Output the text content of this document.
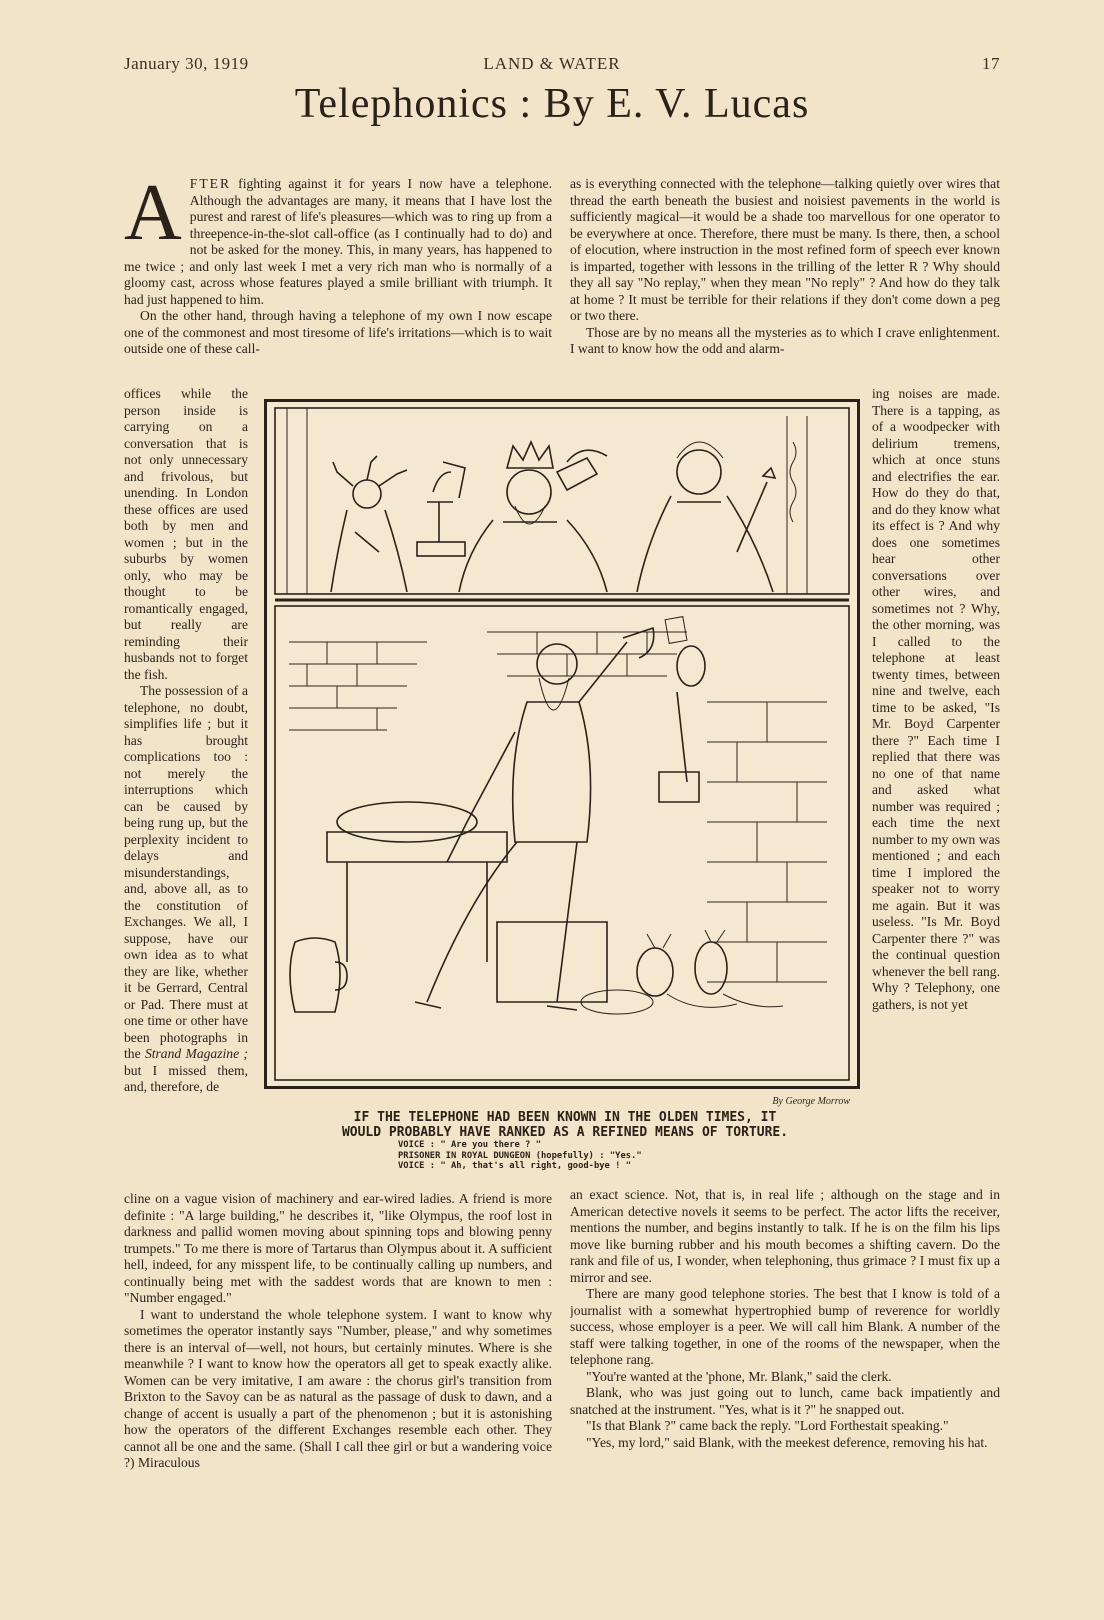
January 30, 1919	LAND & WATER	17
Telephonics : By E. V. Lucas

AFTER fighting against it for years I now have a telephone. Although the advantages are many, it means that I have lost the purest and rarest of life's pleasures—which was to ring up from a threepence-in-the-slot call-office (as I continually had to do) and not be asked for the money. This, in many years, has happened to me twice ; and only last week I met a very rich man who is normally of a gloomy cast, across whose features played a smile brilliant with triumph. It had just happened to him.

On the other hand, through having a telephone of my own I now escape one of the commonest and most tiresome of life's irritations—which is to wait outside one of these call-

offices while the person inside is carrying on a conversation that is not only unnecessary and frivolous, but unending. In London these offices are used both by men and women ; but in the suburbs by women only, who may be thought to be romantically engaged, but really are reminding their husbands not to forget the fish.

The possession of a telephone, no doubt, simplifies life ; but it has brought complications too : not merely the interruptions which can be caused by being rung up, but the perplexity incident to delays and misunderstandings, and, above all, as to the constitution of Exchanges. We all, I suppose, have our own idea as to what they are like, whether it be Gerrard, Central or Pad. There must at one time or other have been photographs in the Strand Magazine ; but I missed them, and, therefore, de

cline on a vague vision of machinery and ear-wired ladies. A friend is more definite : "A large building," he describes it, "like Olympus, the roof lost in darkness and pallid women moving about spinning tops and blowing penny trumpets." To me there is more of Tartarus than Olympus about it. A sufficient hell, indeed, for any misspent life, to be continually calling up numbers, and continually being met with the saddest words that are known to men : "Number engaged."

I want to understand the whole telephone system. I want to know why sometimes the operator instantly says "Number, please," and why sometimes there is an interval of—well, not hours, but certainly minutes. Where is she meanwhile ? I want to know how the operators all get to speak exactly alike. Women can be very imitative, I am aware : the chorus girl's transition from Brixton to the Savoy can be as natural as the passage of dusk to dawn, and a change of accent is usually a part of the phenomenon ; but it is astonishing how the operators of the different Exchanges resemble each other. They cannot all be one and the same. (Shall I call thee girl or but a wandering voice ?) Miraculous

as is everything connected with the telephone—talking quietly over wires that thread the earth beneath the busiest and noisiest pavements in the world is sufficiently magical—it would be a shade too marvellous for one operator to be everywhere at once. Therefore, there must be many. Is there, then, a school of elocution, where instruction in the most refined form of speech ever known is imparted, together with lessons in the trilling of the letter R ? Why should they all say "No replay," when they mean "No reply" ? And how do they talk at home ? It must be terrible for their relations if they don't come down a peg or two there.

Those are by no means all the mysteries as to which I crave enlightenment. I want to know how the odd and alarm-

ing noises are made. There is a tapping, as of a woodpecker with delirium tremens, which at once stuns and electrifies the ear. How do they do that, and do they know what its effect is ? And why does one sometimes hear other conversations over other wires, and sometimes not ? Why, the other morning, was I called to the telephone at least twenty times, between nine and twelve, each time to be asked, "Is Mr. Boyd Carpenter there ?" Each time I replied that there was no one of that name and asked what number was required ; each time the next number to my own was mentioned ; and each time I implored the speaker not to worry me again. But it was useless. "Is Mr. Boyd Carpenter there ?" was the continual question whenever the bell rang. Why ? Telephony, one gathers, is not yet

an exact science. Not, that is, in real life ; although on the stage and in American detective novels it seems to be perfect. The actor lifts the receiver, mentions the number, and begins instantly to talk. If he is on the film his lips move like burning rubber and his mouth becomes a shifting cavern. Do the rank and file of us, I wonder, when telephoning, thus grimace ? I must fix up a mirror and see.

There are many good telephone stories. The best that I know is told of a journalist with a somewhat hypertrophied bump of reverence for worldly success, whose employer is a peer. We will call him Blank. A number of the staff were talking together, in one of the rooms of the newspaper, when the telephone rang.

"You're wanted at the 'phone, Mr. Blank," said the clerk.

Blank, who was just going out to lunch, came back impatiently and snatched at the instrument. "Yes, what is it ?" he snapped out.

"Is that Blank ?" came back the reply. "Lord Forthestait speaking."

"Yes, my lord," said Blank, with the meekest deference, removing his hat.

By George Morrow
IF THE TELEPHONE HAD BEEN KNOWN IN THE OLDEN TIMES, IT
WOULD PROBABLY HAVE RANKED AS A REFINED MEANS OF TORTURE.
VOICE : " Are you there ? "
PRISONER IN ROYAL DUNGEON (hopefully) : "Yes."
VOICE : " Ah, that's all right, good-bye ! "
